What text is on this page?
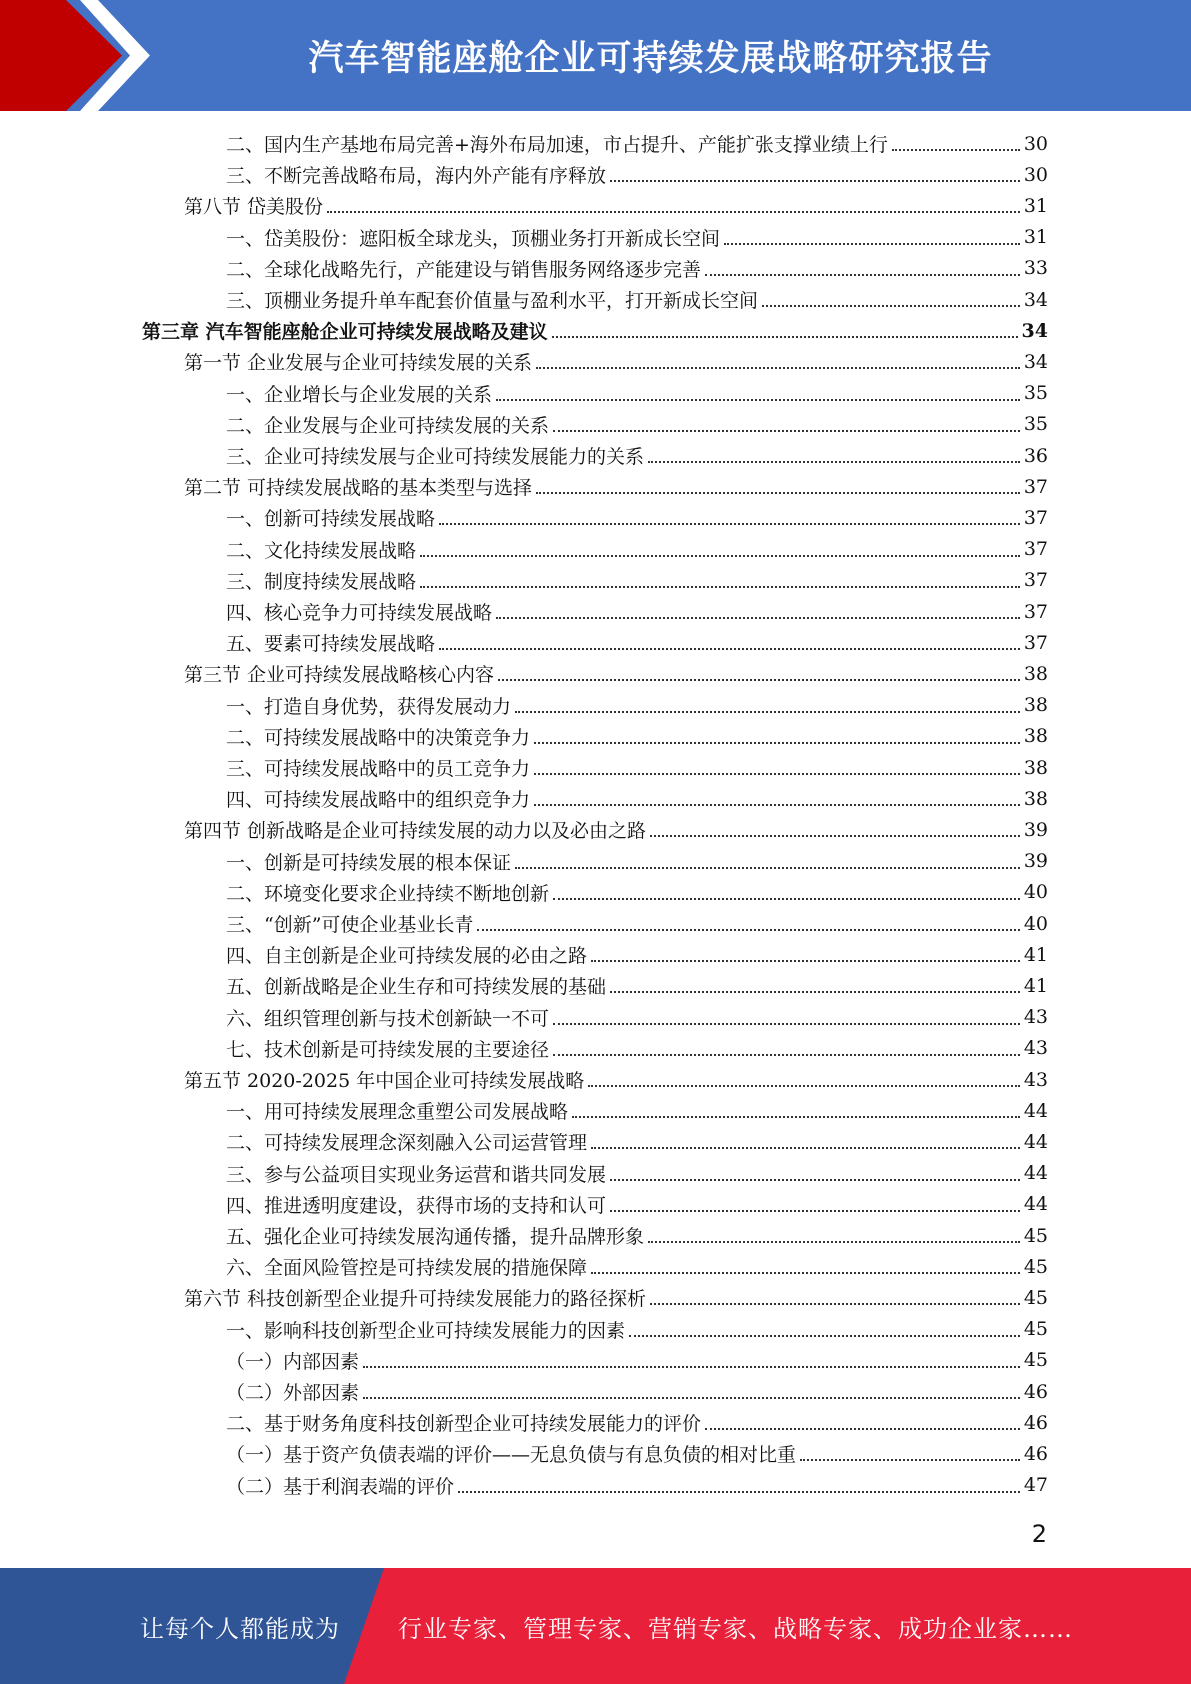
汽车智能座舱企业可持续发展战略研究报告
二、国内生产基地布局完善+海外布局加速，市占提升、产能扩张支撑业绩上行	30
三、不断完善战略布局，海内外产能有序释放	30
第八节 岱美股份	31
一、岱美股份：遮阳板全球龙头，顶棚业务打开新成长空间	31
二、全球化战略先行，产能建设与销售服务网络逐步完善	33
三、顶棚业务提升单车配套价值量与盈利水平，打开新成长空间	34
第三章 汽车智能座舱企业可持续发展战略及建议	34
第一节 企业发展与企业可持续发展的关系	34
一、企业增长与企业发展的关系	35
二、企业发展与企业可持续发展的关系	35
三、企业可持续发展与企业可持续发展能力的关系	36
第二节 可持续发展战略的基本类型与选择	37
一、创新可持续发展战略	37
二、文化持续发展战略	37
三、制度持续发展战略	37
四、核心竞争力可持续发展战略	37
五、要素可持续发展战略	37
第三节 企业可持续发展战略核心内容	38
一、打造自身优势，获得发展动力	38
二、可持续发展战略中的决策竞争力	38
三、可持续发展战略中的员工竞争力	38
四、可持续发展战略中的组织竞争力	38
第四节 创新战略是企业可持续发展的动力以及必由之路	39
一、创新是可持续发展的根本保证	39
二、环境变化要求企业持续不断地创新	40
三、“创新”可使企业基业长青	40
四、自主创新是企业可持续发展的必由之路	41
五、创新战略是企业生存和可持续发展的基础	41
六、组织管理创新与技术创新缺一不可	43
七、技术创新是可持续发展的主要途径	43
第五节 2020-2025 年中国企业可持续发展战略	43
一、用可持续发展理念重塑公司发展战略	44
二、可持续发展理念深刻融入公司运营管理	44
三、参与公益项目实现业务运营和谐共同发展	44
四、推进透明度建设，获得市场的支持和认可	44
五、强化企业可持续发展沟通传播，提升品牌形象	45
六、全面风险管控是可持续发展的措施保障	45
第六节 科技创新型企业提升可持续发展能力的路径探析	45
一、影响科技创新型企业可持续发展能力的因素	45
（一）内部因素	45
（二）外部因素	46
二、基于财务角度科技创新型企业可持续发展能力的评价	46
（一）基于资产负债表端的评价——无息负债与有息负债的相对比重	46
（二）基于利润表端的评价	47
2
让每个人都能成为 行业专家、管理专家、营销专家、战略专家、成功企业家……
